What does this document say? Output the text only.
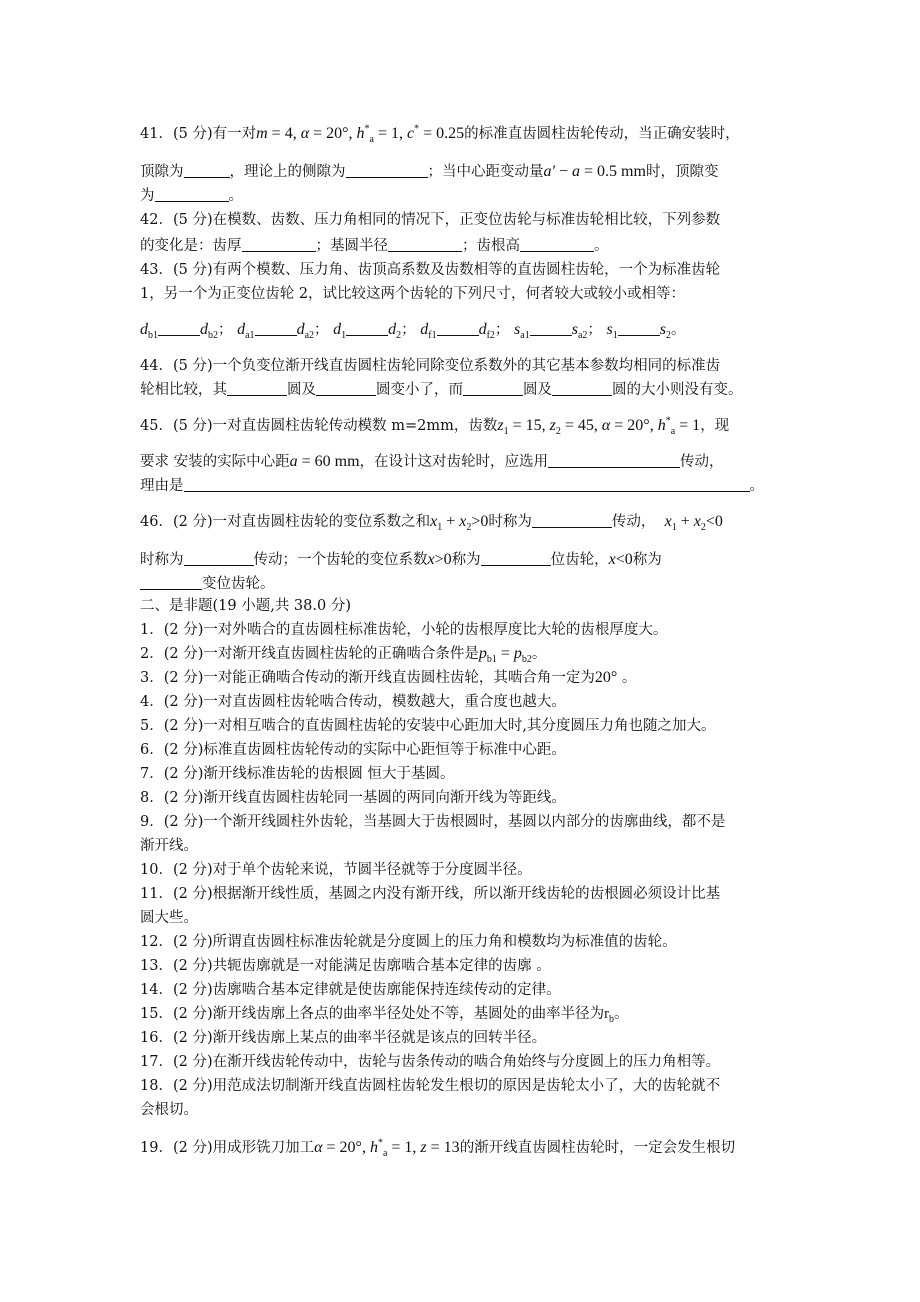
41．(5 分)有一对m = 4, α = 20°, $h^*_a = 1$, c* = 0.25的标准直齿圆柱齿轮传动，当正确安装时，
顶隙为	，理论上的侧隙为	；当中心距变动量a′ − a = 0.5 mm时，顶隙变
为	。
42．(5 分)在模数、齿数、压力角相同的情况下，正变位齿轮与标准齿轮相比较，下列参数
的变化是：齿厚	；基圆半径	；齿根高	。
43．(5 分)有两个模数、压力角、齿顶高系数及齿数相等的直齿圆柱齿轮，一个为标准齿轮
1，另一个为正变位齿轮 2，试比较这两个齿轮的下列尺寸，何者较大或较小或相等：
$d_{b1}$	$d_{b2}$； $d_{a1}$	$d_{a2}$； $d_1$	$d_2$； $d_{f1}$	$d_{f2}$； $s_{a1}$	$s_{a2}$； $s_1$	$s_2$。
44．(5 分)一个负变位渐开线直齿圆柱齿轮同除变位系数外的其它基本参数均相同的标准齿
轮相比较，其	圆及	圆变小了，而	圆及	圆的大小则没有变。
45．(5 分)一对直齿圆柱齿轮传动模数 m=2mm，齿数$z_1 = 15$, $z_2 = 45$, α = 20°, $h^*_a = 1$，现
要求 安装的实际中心距a = 60 mm，在设计这对齿轮时，应选用	传动，
理由是	。
46．(2 分)一对直齿圆柱齿轮的变位系数之和$x_1 + x_2>0$时称为	传动， $x_1 + x_2<0$
时称为	传动；一个齿轮的变位系数x>0称为	位齿轮，x<0称为
变位齿轮。
二、是非题(19 小题,共 38.0 分)
1．(2 分)一对外啮合的直齿圆柱标准齿轮，小轮的齿根厚度比大轮的齿根厚度大。
2．(2 分)一对渐开线直齿圆柱齿轮的正确啮合条件是$p_{b1} = p_{b2}$。
3．(2 分)一对能正确啮合传动的渐开线直齿圆柱齿轮，其啮合角一定为20° 。
4．(2 分)一对直齿圆柱齿轮啮合传动，模数越大，重合度也越大。
5．(2 分)一对相互啮合的直齿圆柱齿轮的安装中心距加大时,其分度圆压力角也随之加大。
6．(2 分)标准直齿圆柱齿轮传动的实际中心距恒等于标准中心距。
7．(2 分)渐开线标准齿轮的齿根圆 恒大于基圆。
8．(2 分)渐开线直齿圆柱齿轮同一基圆的两同向渐开线为等距线。
9．(2 分)一个渐开线圆柱外齿轮，当基圆大于齿根圆时，基圆以内部分的齿廓曲线，都不是
渐开线。
10．(2 分)对于单个齿轮来说，节圆半径就等于分度圆半径。
11．(2 分)根据渐开线性质，基圆之内没有渐开线，所以渐开线齿轮的齿根圆必须设计比基
圆大些。
12．(2 分)所谓直齿圆柱标准齿轮就是分度圆上的压力角和模数均为标准值的齿轮。
13．(2 分)共轭齿廓就是一对能满足齿廓啮合基本定律的齿廓 。
14．(2 分)齿廓啮合基本定律就是使齿廓能保持连续传动的定律。
15．(2 分)渐开线齿廓上各点的曲率半径处处不等，基圆处的曲率半径为$r_b$。
16．(2 分)渐开线齿廓上某点的曲率半径就是该点的回转半径。
17．(2 分)在渐开线齿轮传动中，齿轮与齿条传动的啮合角始终与分度圆上的压力角相等。
18．(2 分)用范成法切制渐开线直齿圆柱齿轮发生根切的原因是齿轮太小了，大的齿轮就不
会根切。
19．(2 分)用成形铣刀加工α = 20°, $h^*_a = 1$, z = 13的渐开线直齿圆柱齿轮时，一定会发生根切
